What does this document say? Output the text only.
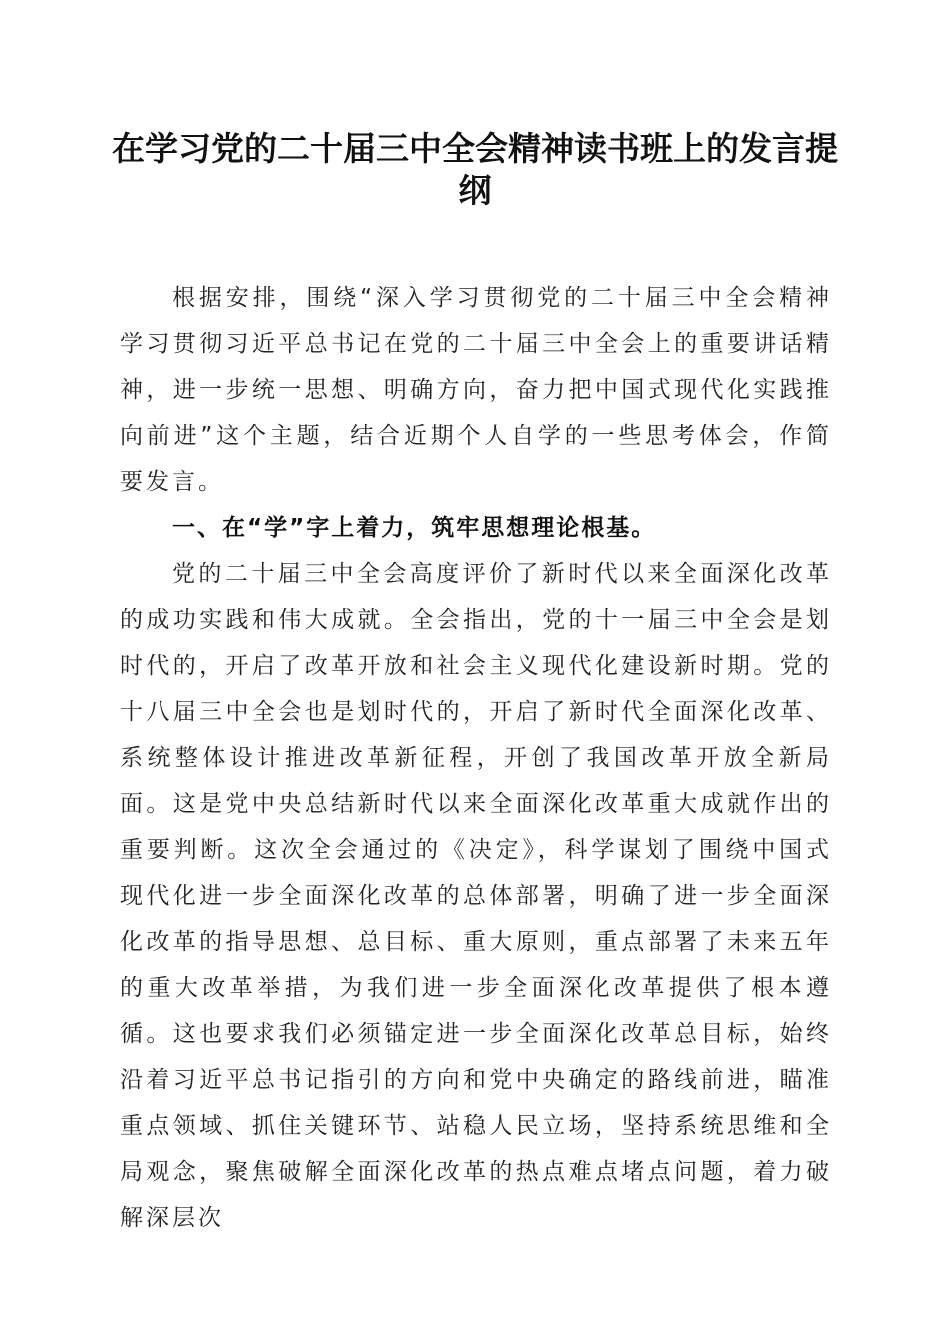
在学习党的二十届三中全会精神读书班上的发言提纲

根据安排，围绕“深入学习贯彻党的二十届三中全会精神学习贯彻习近平总书记在党的二十届三中全会上的重要讲话精神，进一步统一思想、明确方向，奋力把中国式现代化实践推向前进”这个主题，结合近期个人自学的一些思考体会，作简要发言。

一、在“学”字上着力，筑牢思想理论根基。

党的二十届三中全会高度评价了新时代以来全面深化改革的成功实践和伟大成就。全会指出，党的十一届三中全会是划时代的，开启了改革开放和社会主义现代化建设新时期。党的十八届三中全会也是划时代的，开启了新时代全面深化改革、系统整体设计推进改革新征程，开创了我国改革开放全新局面。这是党中央总结新时代以来全面深化改革重大成就作出的重要判断。这次全会通过的《决定》，科学谋划了围绕中国式现代化进一步全面深化改革的总体部署，明确了进一步全面深化改革的指导思想、总目标、重大原则，重点部署了未来五年的重大改革举措，为我们进一步全面深化改革提供了根本遵循。这也要求我们必须锚定进一步全面深化改革总目标，始终沿着习近平总书记指引的方向和党中央确定的路线前进，瞄准重点领域、抓住关键环节、站稳人民立场，坚持系统思维和全局观念，聚焦破解全面深化改革的热点难点堵点问题，着力破解深层次
